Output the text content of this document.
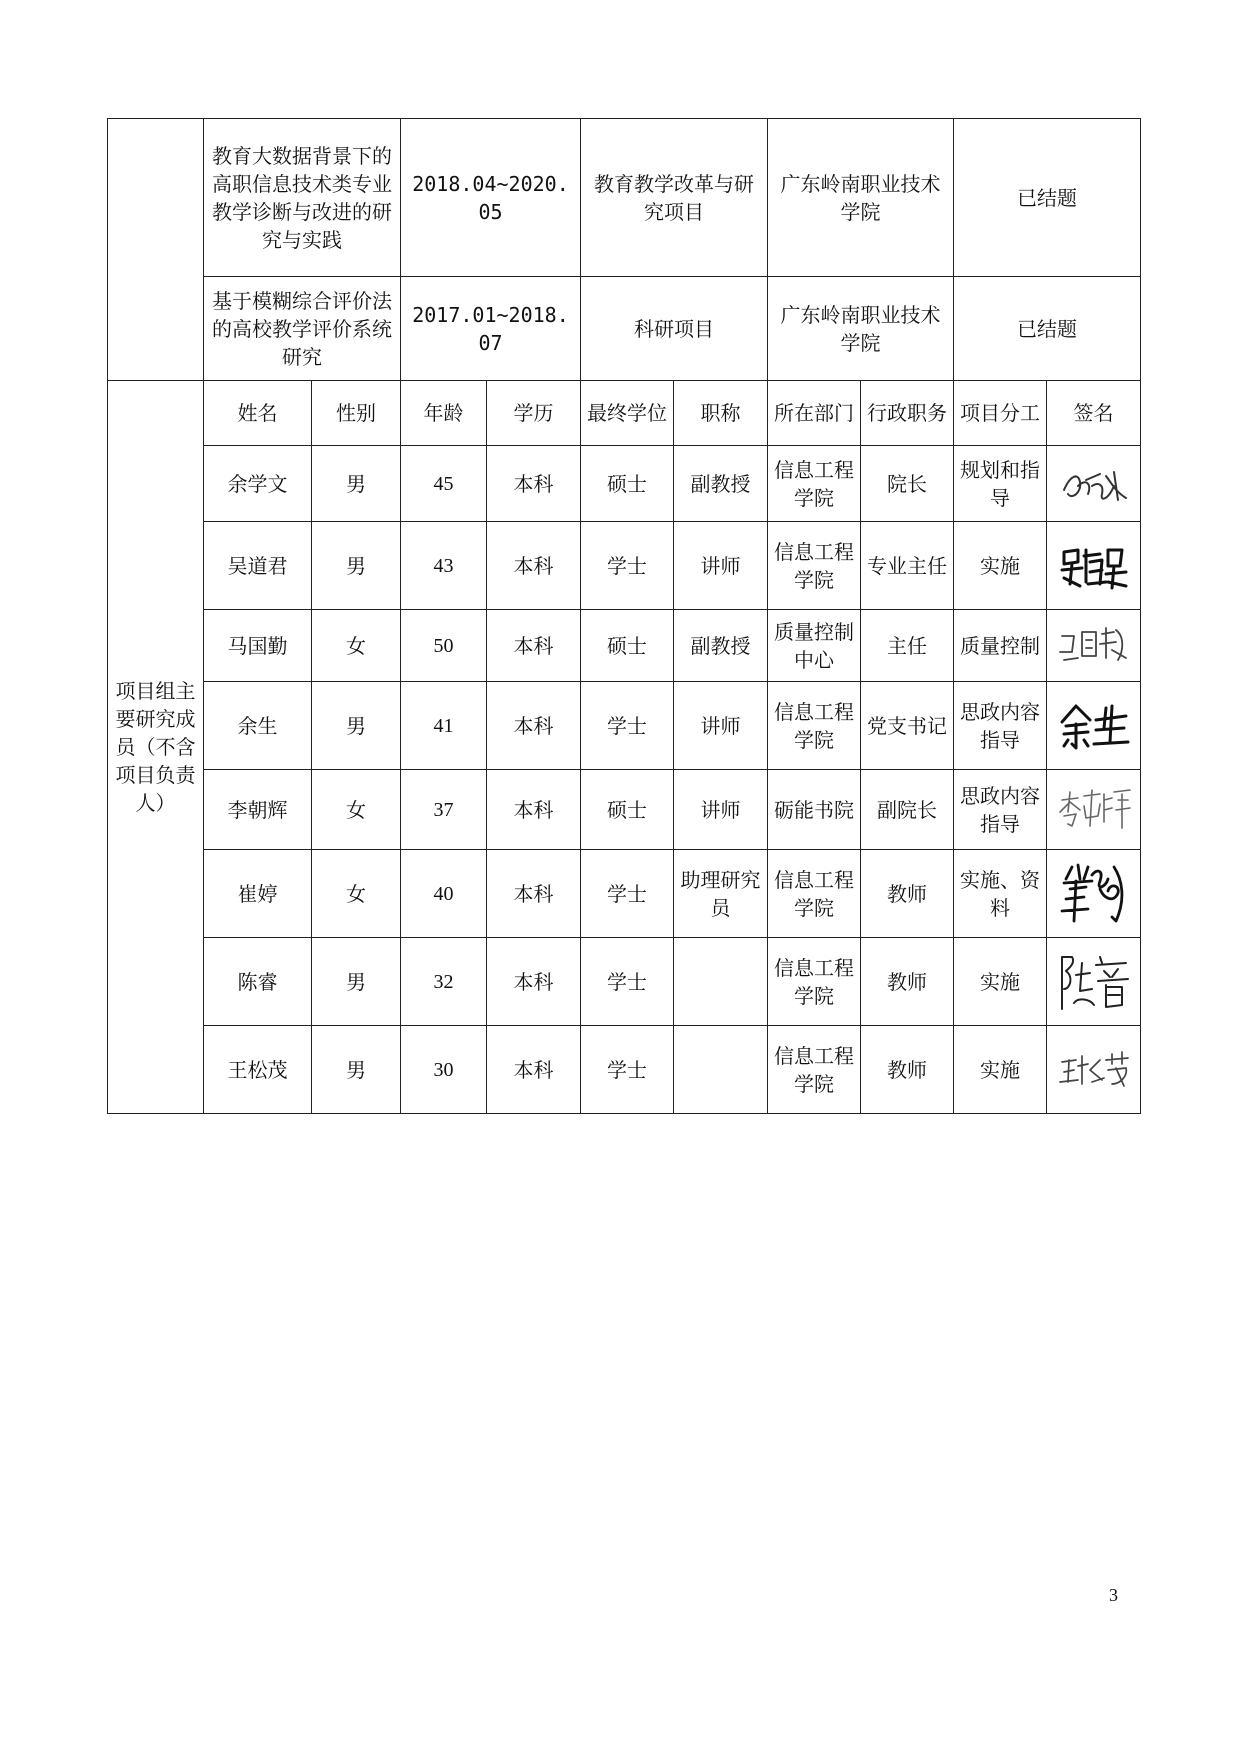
	教育大数据背景下的高职信息技术类专业教学诊断与改进的研究与实践		2018.04~2020.05		教育教学改革与研究项目		广东岭南职业技术学院		已结题	
	基于模糊综合评价法的高校教学评价系统研究		2017.01~2018.07		科研项目		广东岭南职业技术学院		已结题	
项目组主要研究成员（不含项目负责人）	姓名	性别	年龄	学历	最终学位	职称	所在部门	行政职务	项目分工	签名
	余学文	男	45	本科	硕士	副教授	信息工程学院	院长	规划和指导	

	吴道君	男	43	本科	学士	讲师	信息工程学院	专业主任	实施	

	马国勤	女	50	本科	硕士	副教授	质量控制中心	主任	质量控制	

	余生	男	41	本科	学士	讲师	信息工程学院	党支书记	思政内容指导	

	李朝辉	女	37	本科	硕士	讲师	砺能书院	副院长	思政内容指导	

	崔婷	女	40	本科	学士	助理研究员	信息工程学院	教师	实施、资料	

	陈睿	男	32	本科	学士		信息工程学院	教师	实施	

	王松茂	男	30	本科	学士		信息工程学院	教师	实施	
3
